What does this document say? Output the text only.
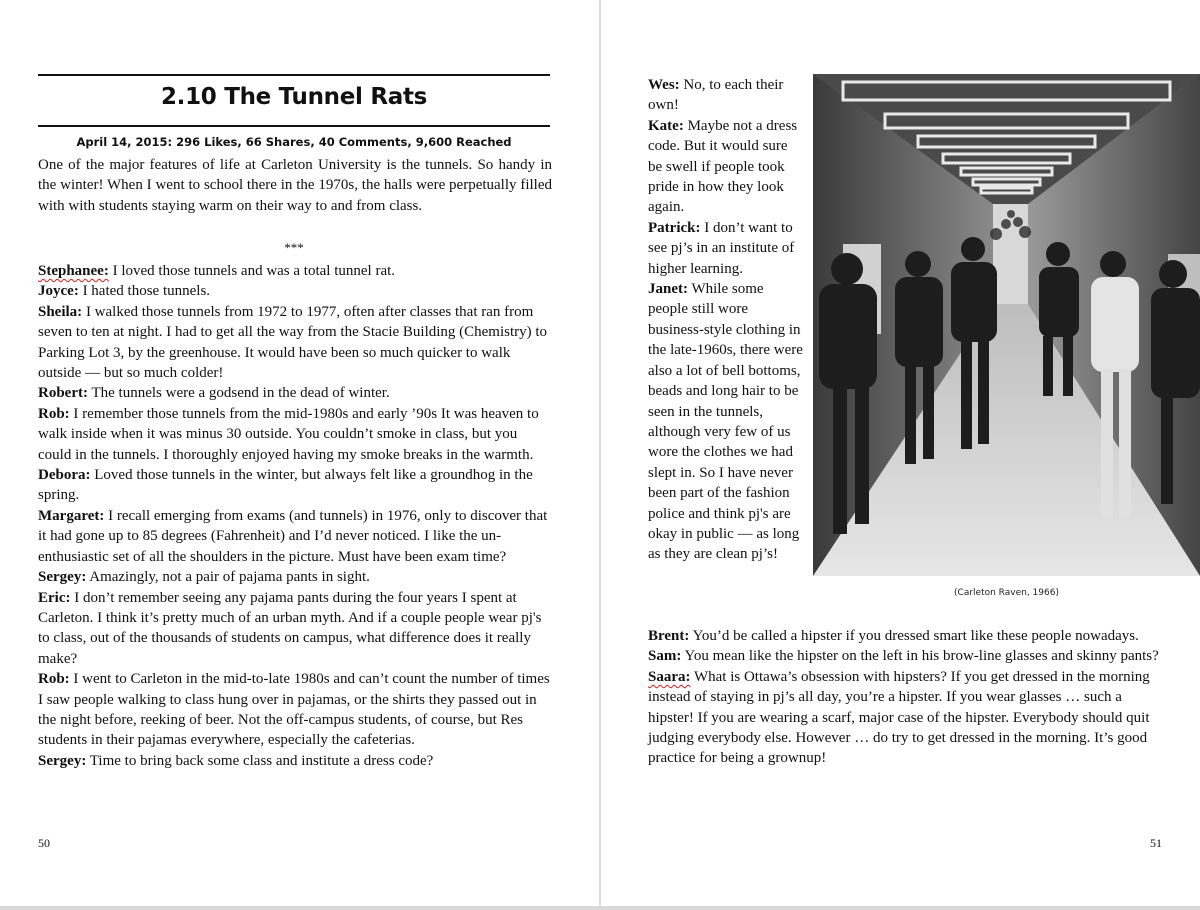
2.10 The Tunnel Rats
April 14, 2015: 296 Likes, 66 Shares, 40 Comments, 9,600 Reached

One of the major features of life at Carleton University is the tunnels. So handy in the winter! When I went to school there in the 1970s, the halls were perpetually filled with with students staying warm on their way to and from class.

***

Stephanee: I loved those tunnels and was a total tunnel rat.

Joyce: I hated those tunnels.

Sheila: I walked those tunnels from 1972 to 1977, often after classes that ran from seven to ten at night. I had to get all the way from the Stacie Building (Chemistry) to Parking Lot 3, by the greenhouse. It would have been so much quicker to walk outside — but so much colder!

Robert: The tunnels were a godsend in the dead of winter.

Rob: I remember those tunnels from the mid-1980s and early ’90s It was heaven to walk inside when it was minus 30 outside. You couldn’t smoke in class, but you could in the tunnels. I thoroughly enjoyed having my smoke breaks in the warmth.

Debora: Loved those tunnels in the winter, but always felt like a groundhog in the spring.

Margaret: I recall emerging from exams (and tunnels) in 1976, only to discover that it had gone up to 85 degrees (Fahrenheit) and I’d never noticed. I like the un-enthusiastic set of all the shoulders in the picture. Must have been exam time?

Sergey: Amazingly, not a pair of pajama pants in sight.

Eric: I don’t remember seeing any pajama pants during the four years I spent at Carleton. I think it’s pretty much of an urban myth. And if a couple people wear pj's to class, out of the thousands of students on campus, what difference does it really make?

Rob: I went to Carleton in the mid-to-late 1980s and can’t count the number of times I saw people walking to class hung over in pajamas, or the shirts they passed out in the night before, reeking of beer. Not the off-campus students, of course, but Res students in their pajamas everywhere, especially the cafeterias.

Sergey: Time to bring back some class and institute a dress code?

50

Wes: No, to each their own!

Kate: Maybe not a dress code. But it would sure be swell if people took pride in how they look again.

Patrick: I don’t want to see pj’s in an institute of higher learning.

Janet: While some people still wore business-style clothing in the late-1960s, there were also a lot of bell bottoms, beads and long hair to be seen in the tunnels, although very few of us wore the clothes we had slept in. So I have never been part of the fashion police and think pj's are okay in public — as long as they are clean pj’s!

(Carleton Raven, 1966)

Brent: You’d be called a hipster if you dressed smart like these people nowadays.

Sam: You mean like the hipster on the left in his brow-line glasses and skinny pants?

Saara: What is Ottawa’s obsession with hipsters? If you get dressed in the morning instead of staying in pj’s all day, you’re a hipster. If you wear glasses … such a hipster! If you are wearing a scarf, major case of the hipster. Everybody should quit judging everybody else. However … do try to get dressed in the morning. It’s good practice for being a grownup!

51
